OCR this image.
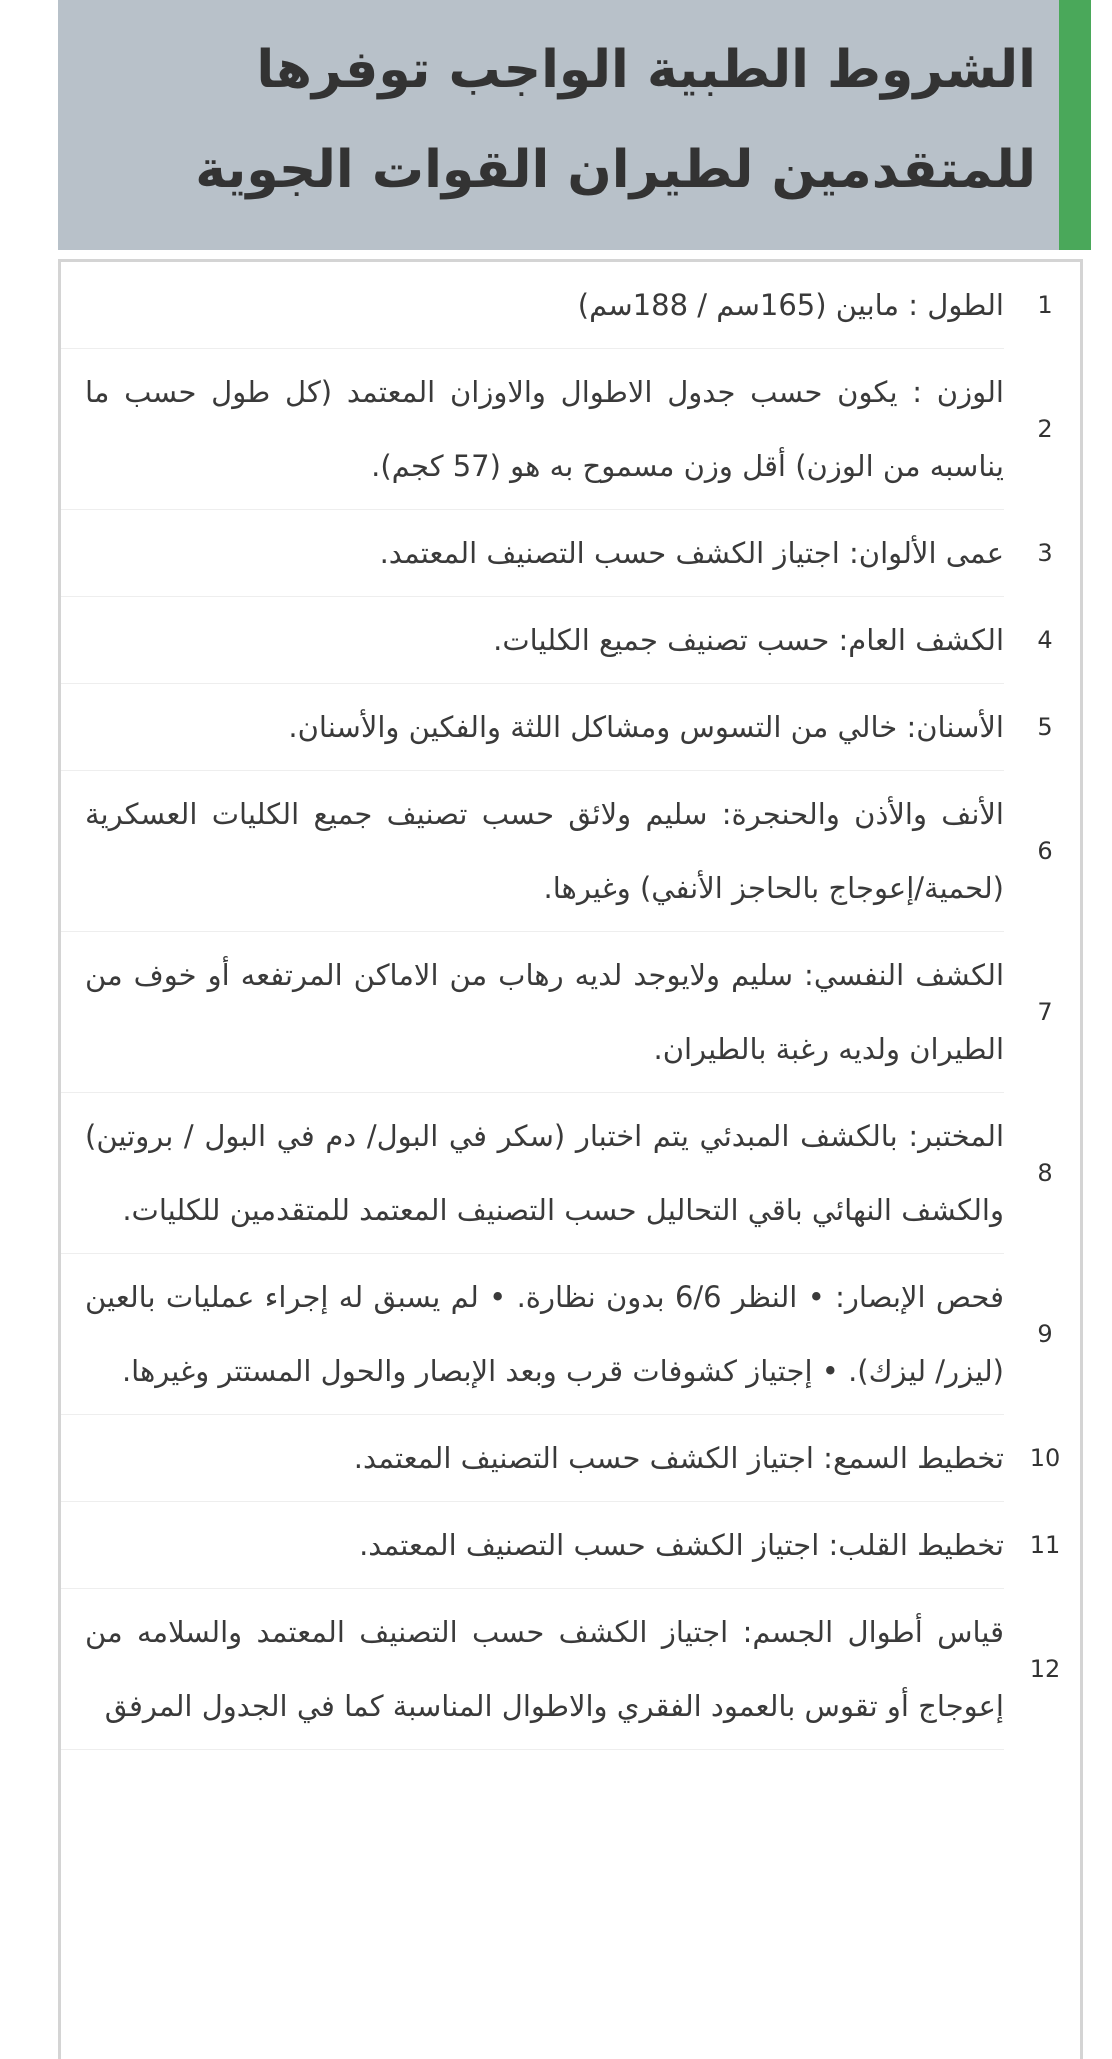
الشروط الطبية الواجب توفرها للمتقدمين لطيران القوات الجوية
1	الطول : مابين (165سم / 188سم)
2	الوزن : يكون حسب جدول الاطوال والاوزان المعتمد (كل طول حسب ما يناسبه من الوزن) أقل وزن مسموح به هو (57 كجم).
3	عمى الألوان: اجتياز الكشف حسب التصنيف المعتمد.
4	الكشف العام: حسب تصنيف جميع الكليات.
5	الأسنان: خالي من التسوس ومشاكل اللثة والفكين والأسنان.
6	الأنف والأذن والحنجرة: سليم ولائق حسب تصنيف جميع الكليات العسكرية (لحمية/إعوجاج بالحاجز الأنفي) وغيرها.
7	الكشف النفسي: سليم ولايوجد لديه رهاب من الاماكن المرتفعه أو خوف من الطيران ولديه رغبة بالطيران.
8	المختبر: بالكشف المبدئي يتم اختبار (سكر في البول/ دم في البول / بروتين) والكشف النهائي باقي التحاليل حسب التصنيف المعتمد للمتقدمين للكليات.
9	فحص الإبصار: • النظر 6/6 بدون نظارة. • لم يسبق له إجراء عمليات بالعين (ليزر/ ليزك). • إجتياز كشوفات قرب وبعد الإبصار والحول المستتر وغيرها.
10	تخطيط السمع: اجتياز الكشف حسب التصنيف المعتمد.
11	تخطيط القلب: اجتياز الكشف حسب التصنيف المعتمد.
12	قياس أطوال الجسم: اجتياز الكشف حسب التصنيف المعتمد والسلامه من إعوجاج أو تقوس بالعمود الفقري والاطوال المناسبة كما في الجدول المرفق
